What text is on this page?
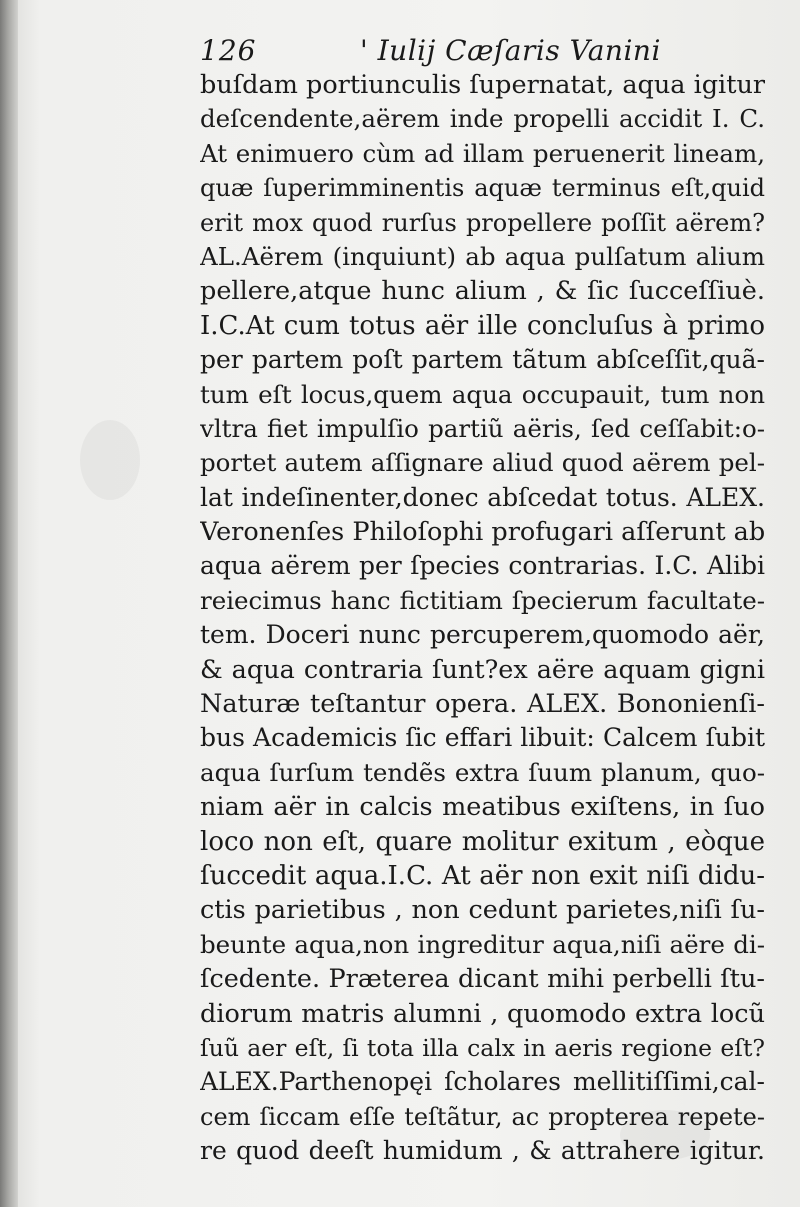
126	' Iulij Cæſaris Vanini
buſdam portiunculis ſupernatat, aqua igitur
deſcendente,aërem inde propelli accidit I. C.
At enimuero cùm ad illam peruenerit lineam,
quæ ſuperimminentis aquæ terminus eſt,quid
erit mox quod rurſus propellere poſſit aërem?
AL.Aërem (inquiunt) ab aqua pulſatum alium
pellere,atque hunc alium , & ſic ſucceſſiuè.
I.C.At cum totus aër ille concluſus à primo
per partem poſt partem tãtum abſceſſit,quã-
tum eſt locus,quem aqua occupauit, tum non
vltra fiet impulſio partiũ aëris, ſed ceſſabit:o-
portet autem aſſignare aliud quod aërem pel-
lat indeſinenter,donec abſcedat totus. ALEX.
Veronenſes Philoſophi profugari aſſerunt ab
aqua aërem per ſpecies contrarias. I.C. Alibi
reiecimus hanc fictitiam ſpecierum facultate-
tem. Doceri nunc percuperem,quomodo aër,
& aqua contraria ſunt?ex aëre aquam gigni
Naturæ teſtantur opera. ALEX. Bononienſi-
bus Academicis ſic effari libuit: Calcem ſubit
aqua ſurſum tendẽs extra ſuum planum, quo-
niam aër in calcis meatibus exiſtens, in ſuo
loco non eſt, quare molitur exitum , eòque
ſuccedit aqua.I.C. At aër non exit niſi didu-
ctis parietibus , non cedunt parietes,niſi ſu-
beunte aqua,non ingreditur aqua,niſi aëre di-
ſcedente. Præterea dicant mihi perbelli ſtu-
diorum matris alumni , quomodo extra locũ
ſuũ aer eſt, ſi tota illa calx in aeris regione eſt?
ALEX.Parthenopęi ſcholares mellitiſſimi,cal-
cem ſiccam eſſe teſtãtur, ac propterea repete-
re quod deeſt humidum , & attrahere igitur.
